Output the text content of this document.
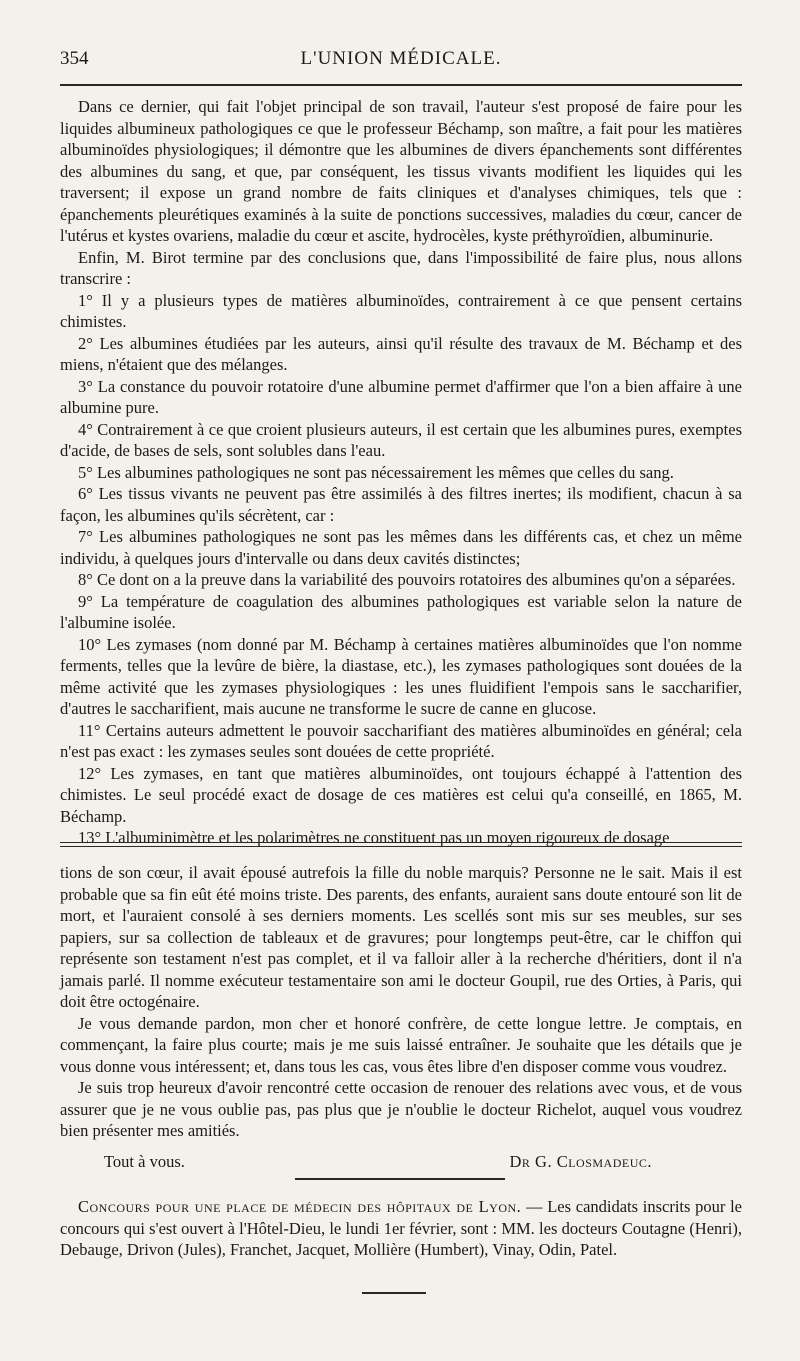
354	L'UNION MÉDICALE.

Dans ce dernier, qui fait l'objet principal de son travail, l'auteur s'est proposé de faire pour les liquides albumineux pathologiques ce que le professeur Béchamp, son maître, a fait pour les matières albuminoïdes physiologiques; il démontre que les albumines de divers épanchements sont différentes des albumines du sang, et que, par conséquent, les tissus vivants modifient les liquides qui les traversent; il expose un grand nombre de faits cliniques et d'analyses chimiques, tels que : épanchements pleurétiques examinés à la suite de ponctions successives, maladies du cœur, cancer de l'utérus et kystes ovariens, maladie du cœur et ascite, hydrocèles, kyste préthyroïdien, albuminurie.

Enfin, M. Birot termine par des conclusions que, dans l'impossibilité de faire plus, nous allons transcrire :

1° Il y a plusieurs types de matières albuminoïdes, contrairement à ce que pensent certains chimistes.

2° Les albumines étudiées par les auteurs, ainsi qu'il résulte des travaux de M. Béchamp et des miens, n'étaient que des mélanges.

3° La constance du pouvoir rotatoire d'une albumine permet d'affirmer que l'on a bien affaire à une albumine pure.

4° Contrairement à ce que croient plusieurs auteurs, il est certain que les albumines pures, exemptes d'acide, de bases de sels, sont solubles dans l'eau.

5° Les albumines pathologiques ne sont pas nécessairement les mêmes que celles du sang.

6° Les tissus vivants ne peuvent pas être assimilés à des filtres inertes; ils modifient, chacun à sa façon, les albumines qu'ils sécrètent, car :

7° Les albumines pathologiques ne sont pas les mêmes dans les différents cas, et chez un même individu, à quelques jours d'intervalle ou dans deux cavités distinctes;

8° Ce dont on a la preuve dans la variabilité des pouvoirs rotatoires des albumines qu'on a séparées.

9° La température de coagulation des albumines pathologiques est variable selon la nature de l'albumine isolée.

10° Les zymases (nom donné par M. Béchamp à certaines matières albuminoïdes que l'on nomme ferments, telles que la levûre de bière, la diastase, etc.), les zymases pathologiques sont douées de la même activité que les zymases physiologiques : les unes fluidifient l'empois sans le saccharifier, d'autres le saccharifient, mais aucune ne transforme le sucre de canne en glucose.

11° Certains auteurs admettent le pouvoir saccharifiant des matières albuminoïdes en général; cela n'est pas exact : les zymases seules sont douées de cette propriété.

12° Les zymases, en tant que matières albuminoïdes, ont toujours échappé à l'attention des chimistes. Le seul procédé exact de dosage de ces matières est celui qu'a conseillé, en 1865, M. Béchamp.

13° L'albuminimètre et les polarimètres ne constituent pas un moyen rigoureux de dosage

tions de son cœur, il avait épousé autrefois la fille du noble marquis? Personne ne le sait. Mais il est probable que sa fin eût été moins triste. Des parents, des enfants, auraient sans doute entouré son lit de mort, et l'auraient consolé à ses derniers moments. Les scellés sont mis sur ses meubles, sur ses papiers, sur sa collection de tableaux et de gravures; pour longtemps peut-être, car le chiffon qui représente son testament n'est pas complet, et il va falloir aller à la recherche d'héritiers, dont il n'a jamais parlé. Il nomme exécuteur testamentaire son ami le docteur Goupil, rue des Orties, à Paris, qui doit être octogénaire.

Je vous demande pardon, mon cher et honoré confrère, de cette longue lettre. Je comptais, en commençant, la faire plus courte; mais je me suis laissé entraîner. Je souhaite que les détails que je vous donne vous intéressent; et, dans tous les cas, vous êtes libre d'en disposer comme vous voudrez.

Je suis trop heureux d'avoir rencontré cette occasion de renouer des relations avec vous, et de vous assurer que je ne vous oublie pas, pas plus que je n'oublie le docteur Richelot, auquel vous voudrez bien présenter mes amitiés.

Tout à vous.	Dr G. Closmadeuc.

Concours pour une place de médecin des hôpitaux de Lyon. — Les candidats inscrits pour le concours qui s'est ouvert à l'Hôtel-Dieu, le lundi 1er février, sont : MM. les docteurs Coutagne (Henri), Debauge, Drivon (Jules), Franchet, Jacquet, Mollière (Humbert), Vinay, Odin, Patel.
